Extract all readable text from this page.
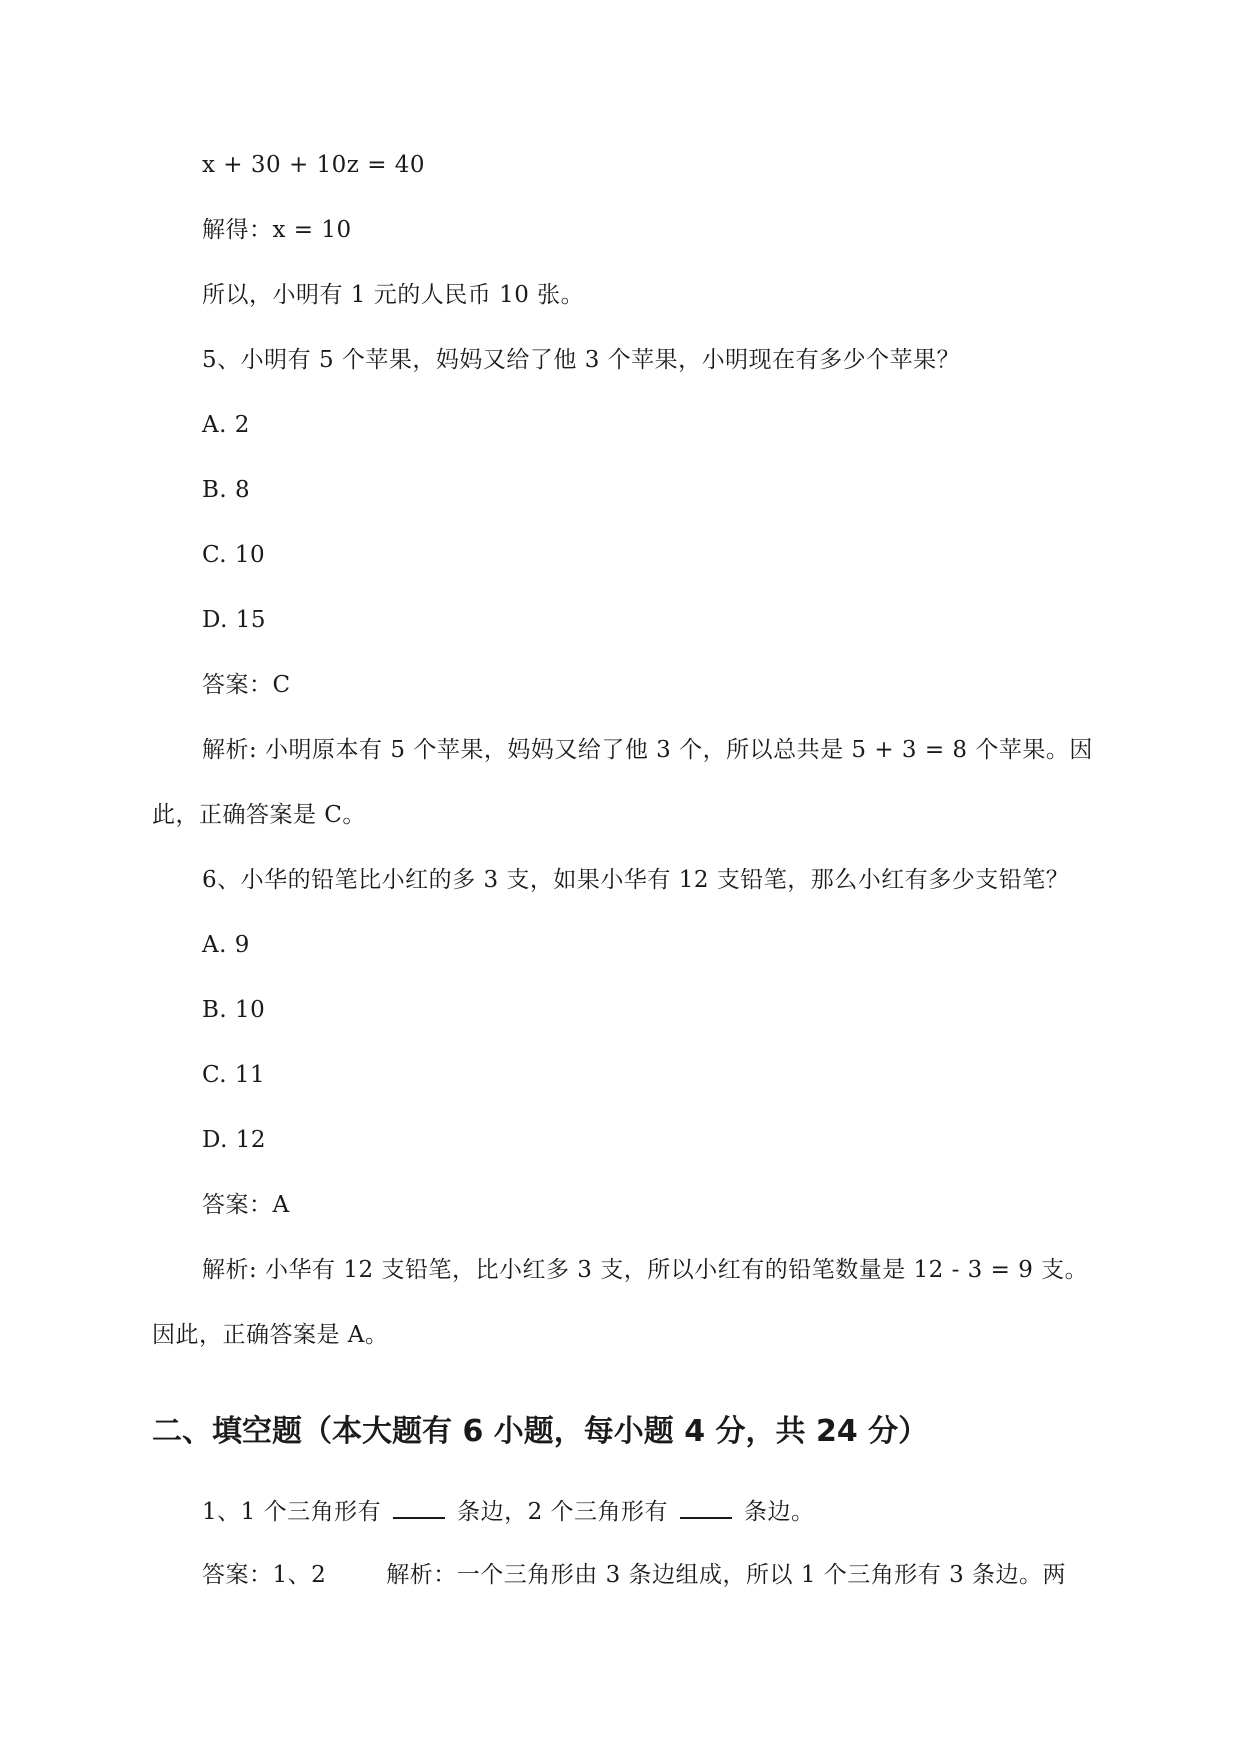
x + 30 + 10z = 40
解得：x = 10
所以，小明有 1 元的人民币 10 张。
5、小明有 5 个苹果，妈妈又给了他 3 个苹果，小明现在有多少个苹果？
A. 2
B. 8
C. 10
D. 15
答案：C
解析: 小明原本有 5 个苹果，妈妈又给了他 3 个，所以总共是 5 + 3 = 8 个苹果。因
此，正确答案是 C。
6、小华的铅笔比小红的多 3 支，如果小华有 12 支铅笔，那么小红有多少支铅笔？
A. 9
B. 10
C. 11
D. 12
答案：A
解析: 小华有 12 支铅笔，比小红多 3 支，所以小红有的铅笔数量是 12 - 3 = 9 支。
因此，正确答案是 A。
二、填空题（本大题有 6 小题，每小题 4 分，共 24 分）
1、1 个三角形有	条边，2 个三角形有	条边。
答案：1、2	解析：一个三角形由 3 条边组成，所以 1 个三角形有 3 条边。两
